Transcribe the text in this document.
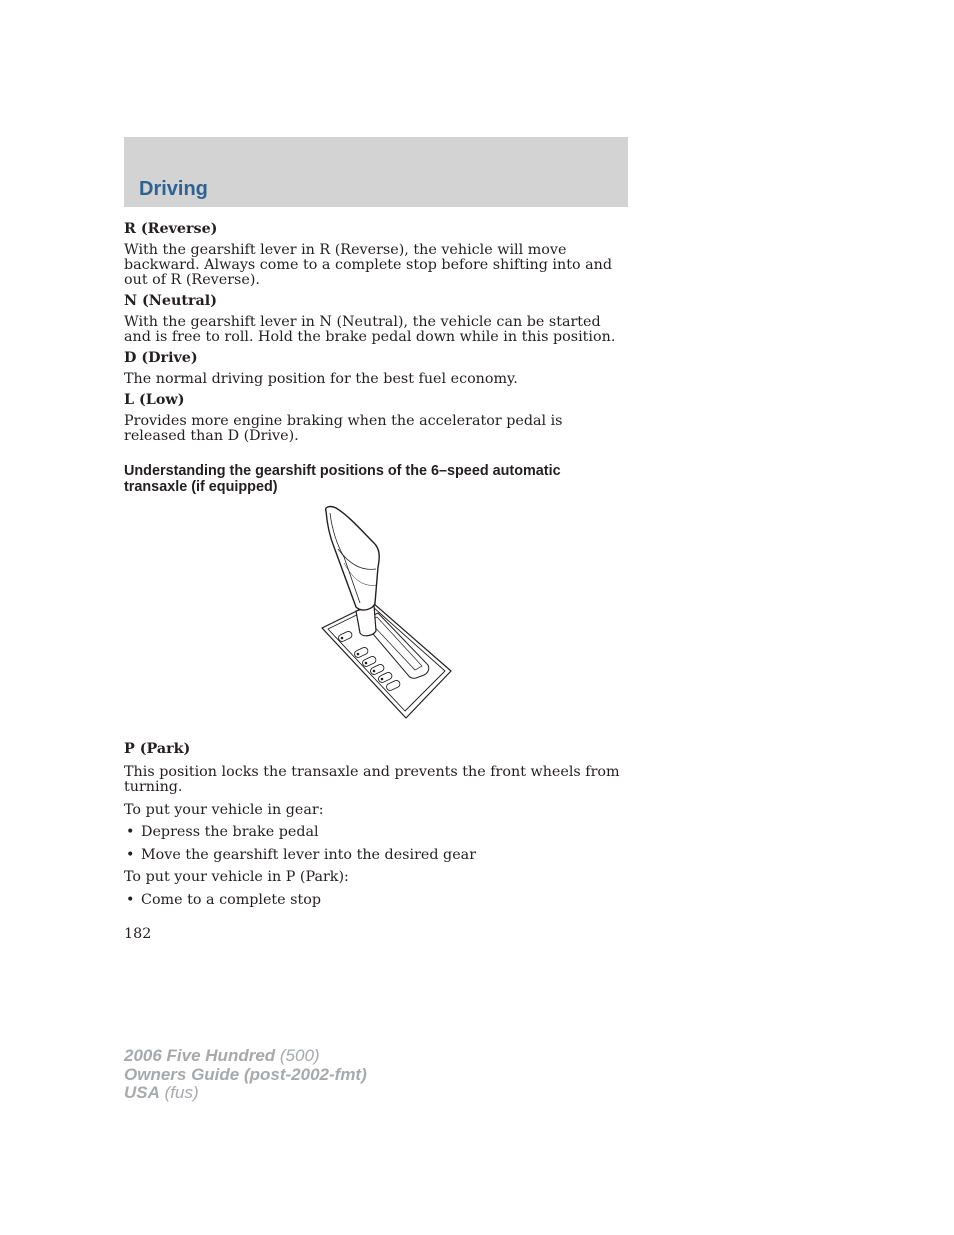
Driving

R (Reverse)

With the gearshift lever in R (Reverse), the vehicle will move backward. Always come to a complete stop before shifting into and out of R (Reverse).

N (Neutral)

With the gearshift lever in N (Neutral), the vehicle can be started and is free to roll. Hold the brake pedal down while in this position.

D (Drive)

The normal driving position for the best fuel economy.

L (Low)

Provides more engine braking when the accelerator pedal is released than D (Drive).

Understanding the gearshift positions of the 6–speed automatic transaxle (if equipped)

P (Park)

This position locks the transaxle and prevents the front wheels from turning.

To put your vehicle in gear:

• Depress the brake pedal

• Move the gearshift lever into the desired gear

To put your vehicle in P (Park):

• Come to a complete stop

182
2006 Five Hundred (500)
Owners Guide (post-2002-fmt)
USA (fus)
